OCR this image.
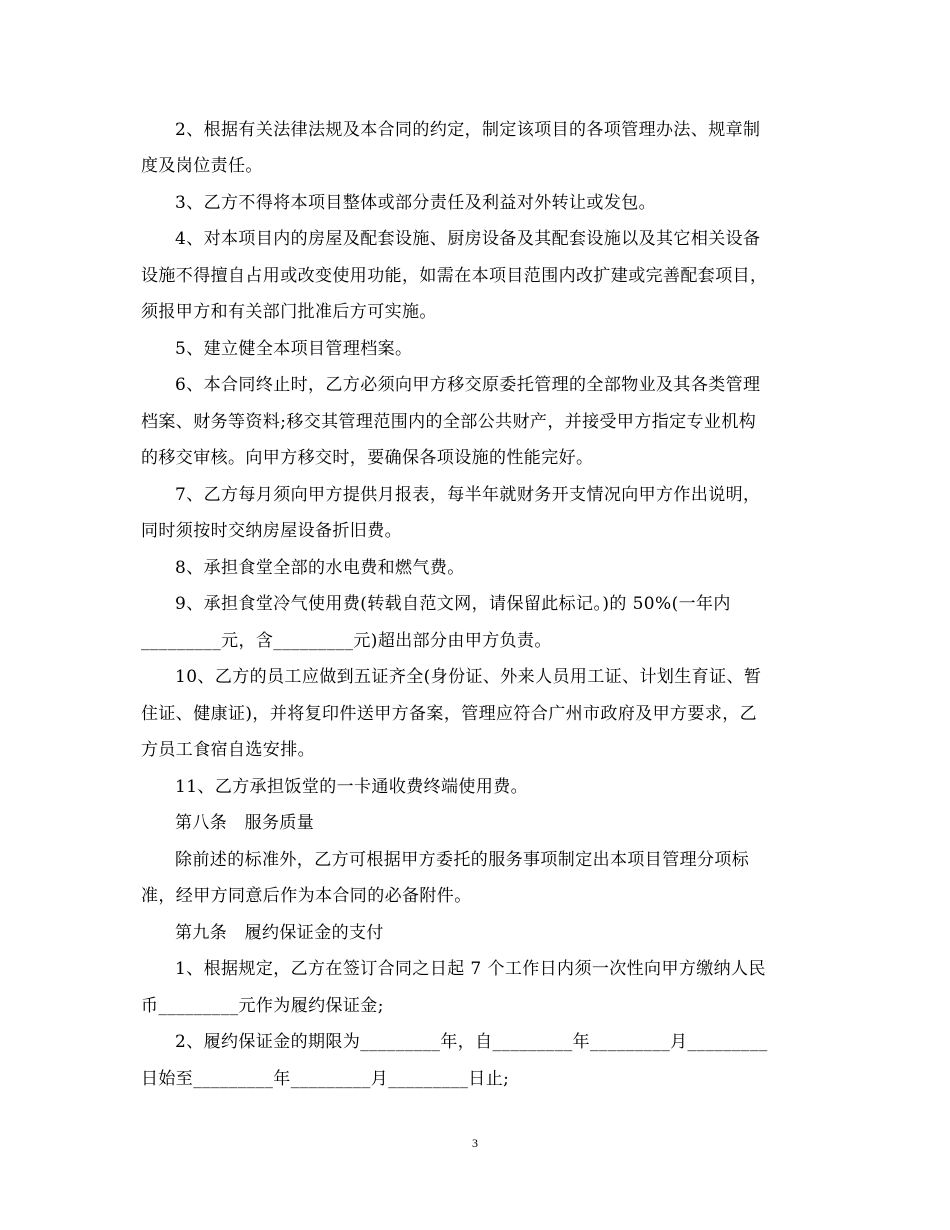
2、根据有关法律法规及本合同的约定，制定该项目的各项管理办法、规章制
度及岗位责任。
3、乙方不得将本项目整体或部分责任及利益对外转让或发包。
4、对本项目内的房屋及配套设施、厨房设备及其配套设施以及其它相关设备
设施不得擅自占用或改变使用功能，如需在本项目范围内改扩建或完善配套项目，
须报甲方和有关部门批准后方可实施。
5、建立健全本项目管理档案。
6、本合同终止时，乙方必须向甲方移交原委托管理的全部物业及其各类管理
档案、财务等资料;移交其管理范围内的全部公共财产，并接受甲方指定专业机构
的移交审核。向甲方移交时，要确保各项设施的性能完好。
7、乙方每月须向甲方提供月报表，每半年就财务开支情况向甲方作出说明，
同时须按时交纳房屋设备折旧费。
8、承担食堂全部的水电费和燃气费。
9、承担食堂冷气使用费(转载自范文网，请保留此标记。)的 50%(一年内
_________元，含_________元)超出部分由甲方负责。
10、乙方的员工应做到五证齐全(身份证、外来人员用工证、计划生育证、暂
住证、健康证)，并将复印件送甲方备案，管理应符合广州市政府及甲方要求，乙
方员工食宿自选安排。
11、乙方承担饭堂的一卡通收费终端使用费。
第八条　服务质量
除前述的标准外，乙方可根据甲方委托的服务事项制定出本项目管理分项标
准，经甲方同意后作为本合同的必备附件。
第九条　履约保证金的支付
1、根据规定，乙方在签订合同之日起 7 个工作日内须一次性向甲方缴纳人民
币_________元作为履约保证金;
2、履约保证金的期限为_________年，自_________年_________月_________
日始至_________年_________月_________日止;
3
